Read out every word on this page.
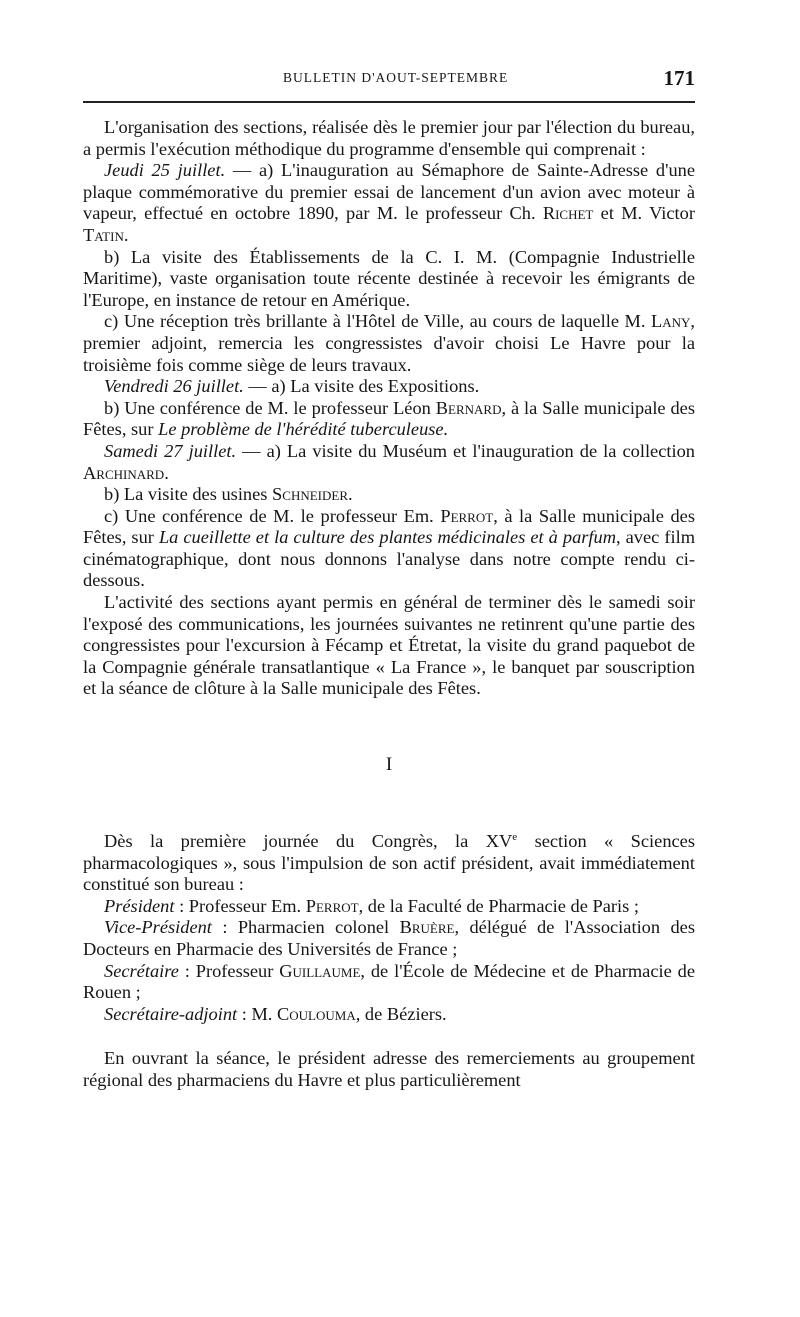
BULLETIN D'AOUT-SEPTEMBRE	171

L'organisation des sections, réalisée dès le premier jour par l'élection du bureau, a permis l'exécution méthodique du programme d'ensemble qui comprenait :

Jeudi 25 juillet. — a) L'inauguration au Sémaphore de Sainte-Adresse d'une plaque commémorative du premier essai de lancement d'un avion avec moteur à vapeur, effectué en octobre 1890, par M. le professeur Ch. Richet et M. Victor Tatin.

b) La visite des Établissements de la C. I. M. (Compagnie Industrielle Maritime), vaste organisation toute récente destinée à recevoir les émigrants de l'Europe, en instance de retour en Amérique.

c) Une réception très brillante à l'Hôtel de Ville, au cours de laquelle M. Lany, premier adjoint, remercia les congressistes d'avoir choisi Le Havre pour la troisième fois comme siège de leurs travaux.

Vendredi 26 juillet. — a) La visite des Expositions.

b) Une conférence de M. le professeur Léon Bernard, à la Salle municipale des Fêtes, sur Le problème de l'hérédité tuberculeuse.

Samedi 27 juillet. — a) La visite du Muséum et l'inauguration de la collection Archinard.

b) La visite des usines Schneider.

c) Une conférence de M. le professeur Em. Perrot, à la Salle municipale des Fêtes, sur La cueillette et la culture des plantes médicinales et à parfum, avec film cinématographique, dont nous donnons l'analyse dans notre compte rendu ci-dessous.

L'activité des sections ayant permis en général de terminer dès le samedi soir l'exposé des communications, les journées suivantes ne retinrent qu'une partie des congressistes pour l'excursion à Fécamp et Étretat, la visite du grand paquebot de la Compagnie générale transatlantique « La France », le banquet par souscription et la séance de clôture à la Salle municipale des Fêtes.

I

Dès la première journée du Congrès, la XVe section « Sciences pharmacologiques », sous l'impulsion de son actif président, avait immédiatement constitué son bureau :

Président : Professeur Em. Perrot, de la Faculté de Pharmacie de Paris ;

Vice-Président : Pharmacien colonel Bruère, délégué de l'Association des Docteurs en Pharmacie des Universités de France ;

Secrétaire : Professeur Guillaume, de l'École de Médecine et de Pharmacie de Rouen ;

Secrétaire-adjoint : M. Coulouma, de Béziers.

En ouvrant la séance, le président adresse des remerciements au groupement régional des pharmaciens du Havre et plus particulièrement
